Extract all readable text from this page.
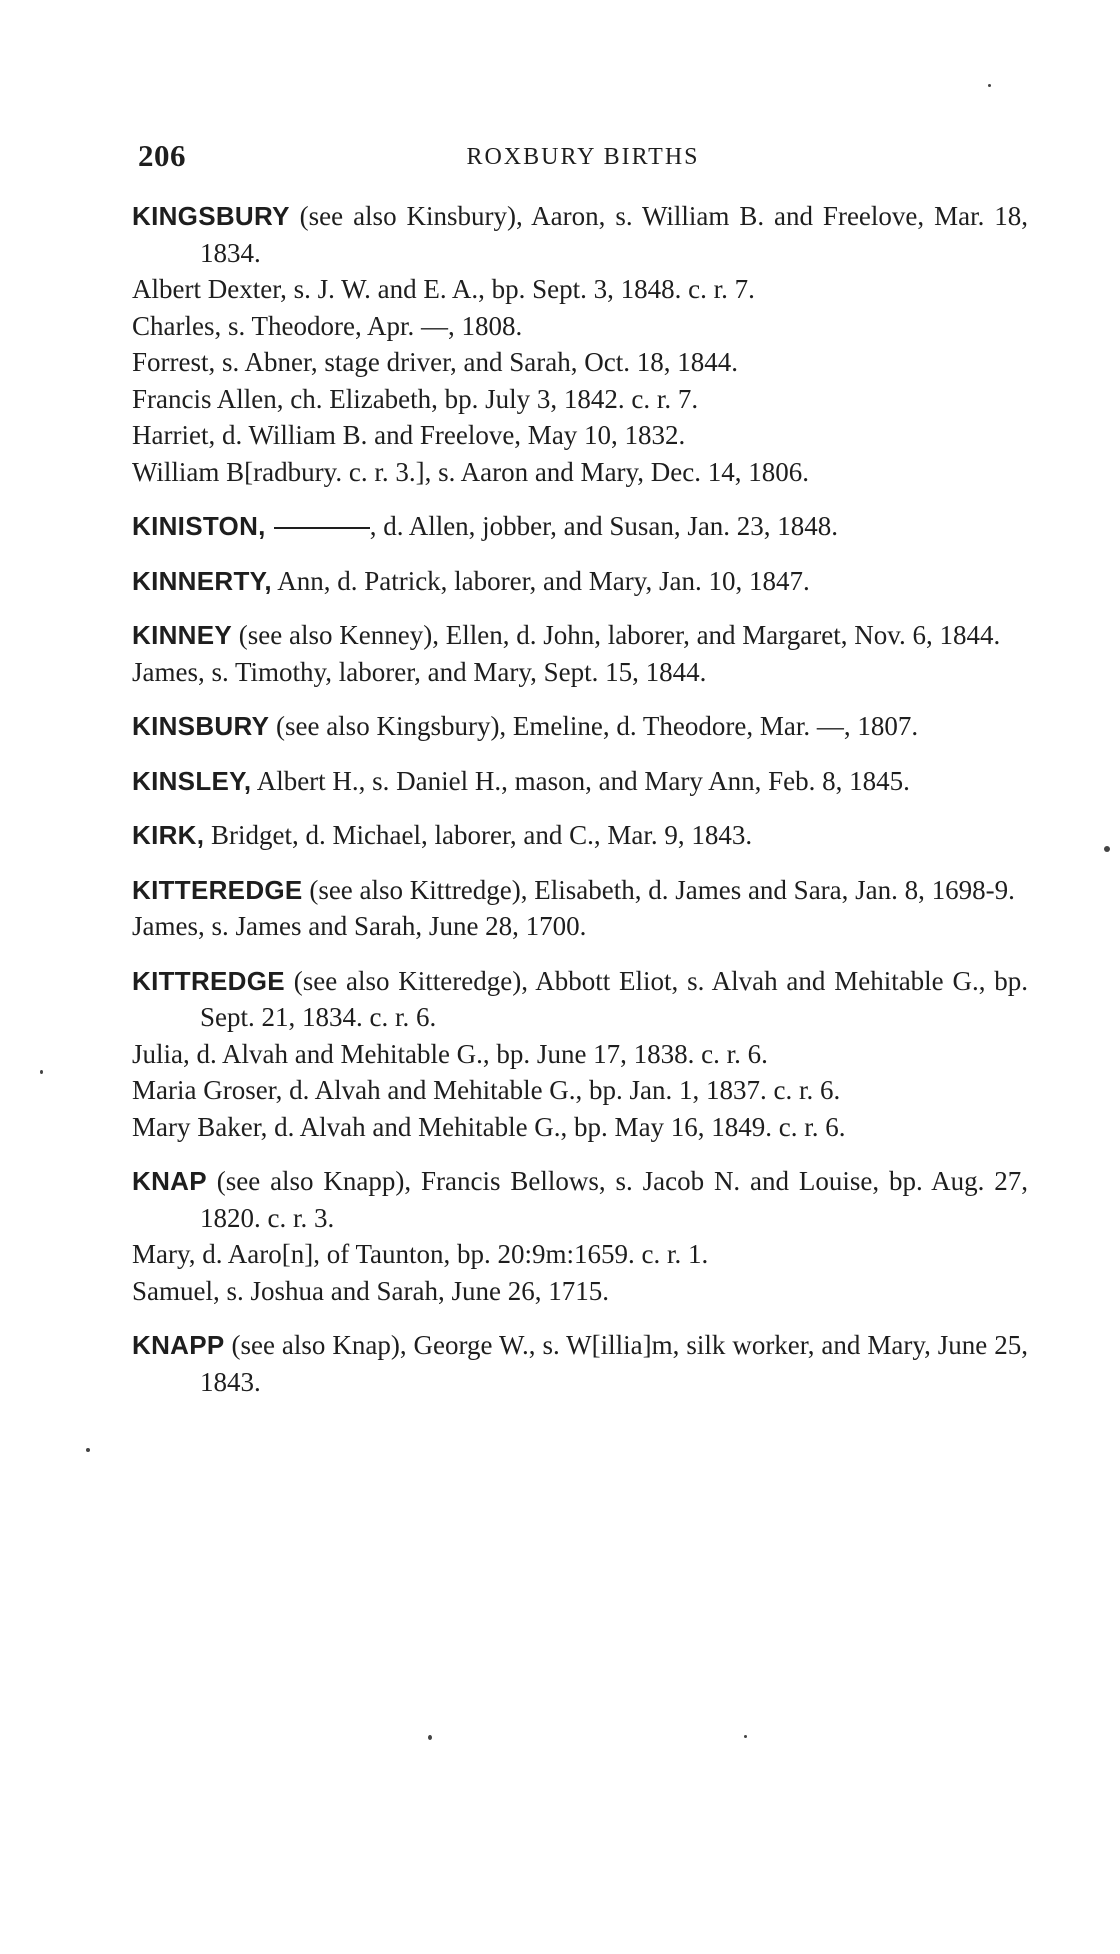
206	ROXBURY BIRTHS
KINGSBURY (see also Kinsbury), Aaron, s. William B. and Freelove, Mar. 18, 1834.
Albert Dexter, s. J. W. and E. A., bp. Sept. 3, 1848. c. r. 7.
Charles, s. Theodore, Apr. —, 1808.
Forrest, s. Abner, stage driver, and Sarah, Oct. 18, 1844.
Francis Allen, ch. Elizabeth, bp. July 3, 1842. c. r. 7.
Harriet, d. William B. and Freelove, May 10, 1832.
William B[radbury. c. r. 3.], s. Aaron and Mary, Dec. 14, 1806.
KINISTON,	, d. Allen, jobber, and Susan, Jan. 23, 1848.
KINNERTY, Ann, d. Patrick, laborer, and Mary, Jan. 10, 1847.
KINNEY (see also Kenney), Ellen, d. John, laborer, and Margaret, Nov. 6, 1844.
James, s. Timothy, laborer, and Mary, Sept. 15, 1844.
KINSBURY (see also Kingsbury), Emeline, d. Theodore, Mar. —, 1807.
KINSLEY, Albert H., s. Daniel H., mason, and Mary Ann, Feb. 8, 1845.
KIRK, Bridget, d. Michael, laborer, and C., Mar. 9, 1843.
KITTEREDGE (see also Kittredge), Elisabeth, d. James and Sara, Jan. 8, 1698-9.
James, s. James and Sarah, June 28, 1700.
KITTREDGE (see also Kitteredge), Abbott Eliot, s. Alvah and Mehitable G., bp. Sept. 21, 1834. c. r. 6.
Julia, d. Alvah and Mehitable G., bp. June 17, 1838. c. r. 6.
Maria Groser, d. Alvah and Mehitable G., bp. Jan. 1, 1837. c. r. 6.
Mary Baker, d. Alvah and Mehitable G., bp. May 16, 1849. c. r. 6.
KNAP (see also Knapp), Francis Bellows, s. Jacob N. and Louise, bp. Aug. 27, 1820. c. r. 3.
Mary, d. Aaro[n], of Taunton, bp. 20:9m:1659. c. r. 1.
Samuel, s. Joshua and Sarah, June 26, 1715.
KNAPP (see also Knap), George W., s. W[illia]m, silk worker, and Mary, June 25, 1843.
